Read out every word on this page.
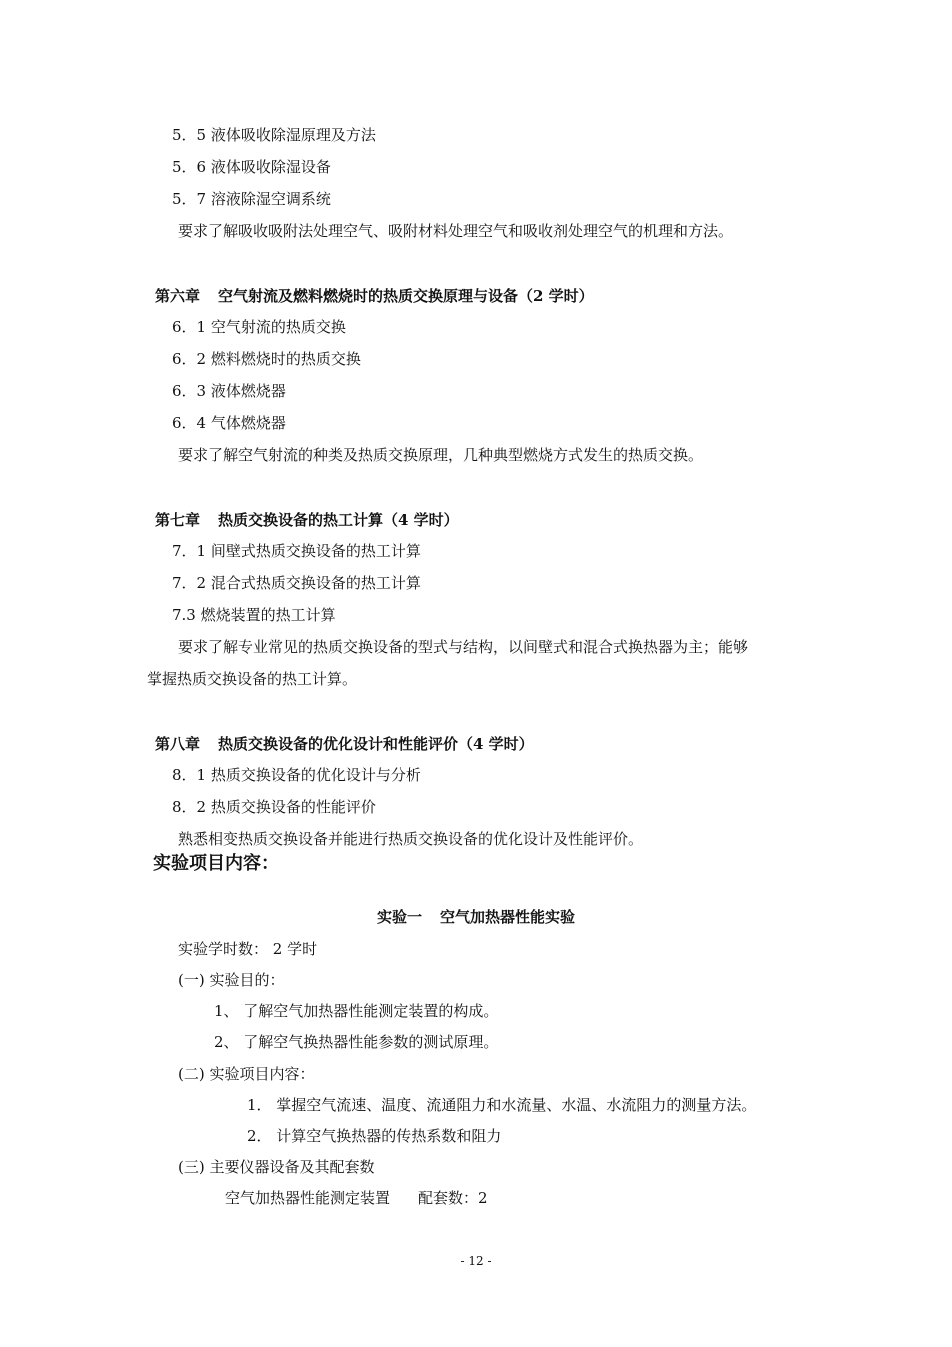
5．5 液体吸收除湿原理及方法
5．6 液体吸收除湿设备
5．7 溶液除湿空调系统
要求了解吸收吸附法处理空气、吸附材料处理空气和吸收剂处理空气的机理和方法。
第六章 空气射流及燃料燃烧时的热质交换原理与设备（2 学时）
6．1 空气射流的热质交换
6．2 燃料燃烧时的热质交换
6．3 液体燃烧器
6．4 气体燃烧器
要求了解空气射流的种类及热质交换原理，几种典型燃烧方式发生的热质交换。
第七章 热质交换设备的热工计算（4 学时）
7．1 间壁式热质交换设备的热工计算
7．2 混合式热质交换设备的热工计算
7.3 燃烧装置的热工计算
要求了解专业常见的热质交换设备的型式与结构，以间壁式和混合式换热器为主；能够
掌握热质交换设备的热工计算。
第八章 热质交换设备的优化设计和性能评价（4 学时）
8．1 热质交换设备的优化设计与分析
8．2 热质交换设备的性能评价
熟悉相变热质交换设备并能进行热质交换设备的优化设计及性能评价。
实验项目内容：
实验一 空气加热器性能实验
实验学时数： 2 学时
(一) 实验目的：
1、 了解空气加热器性能测定装置的构成。
2、 了解空气换热器性能参数的测试原理。
(二) 实验项目内容：
1． 掌握空气流速、温度、流通阻力和水流量、水温、水流阻力的测量方法。
2． 计算空气换热器的传热系数和阻力
(三) 主要仪器设备及其配套数
空气加热器性能测定装置 配套数：2
- 12 -
